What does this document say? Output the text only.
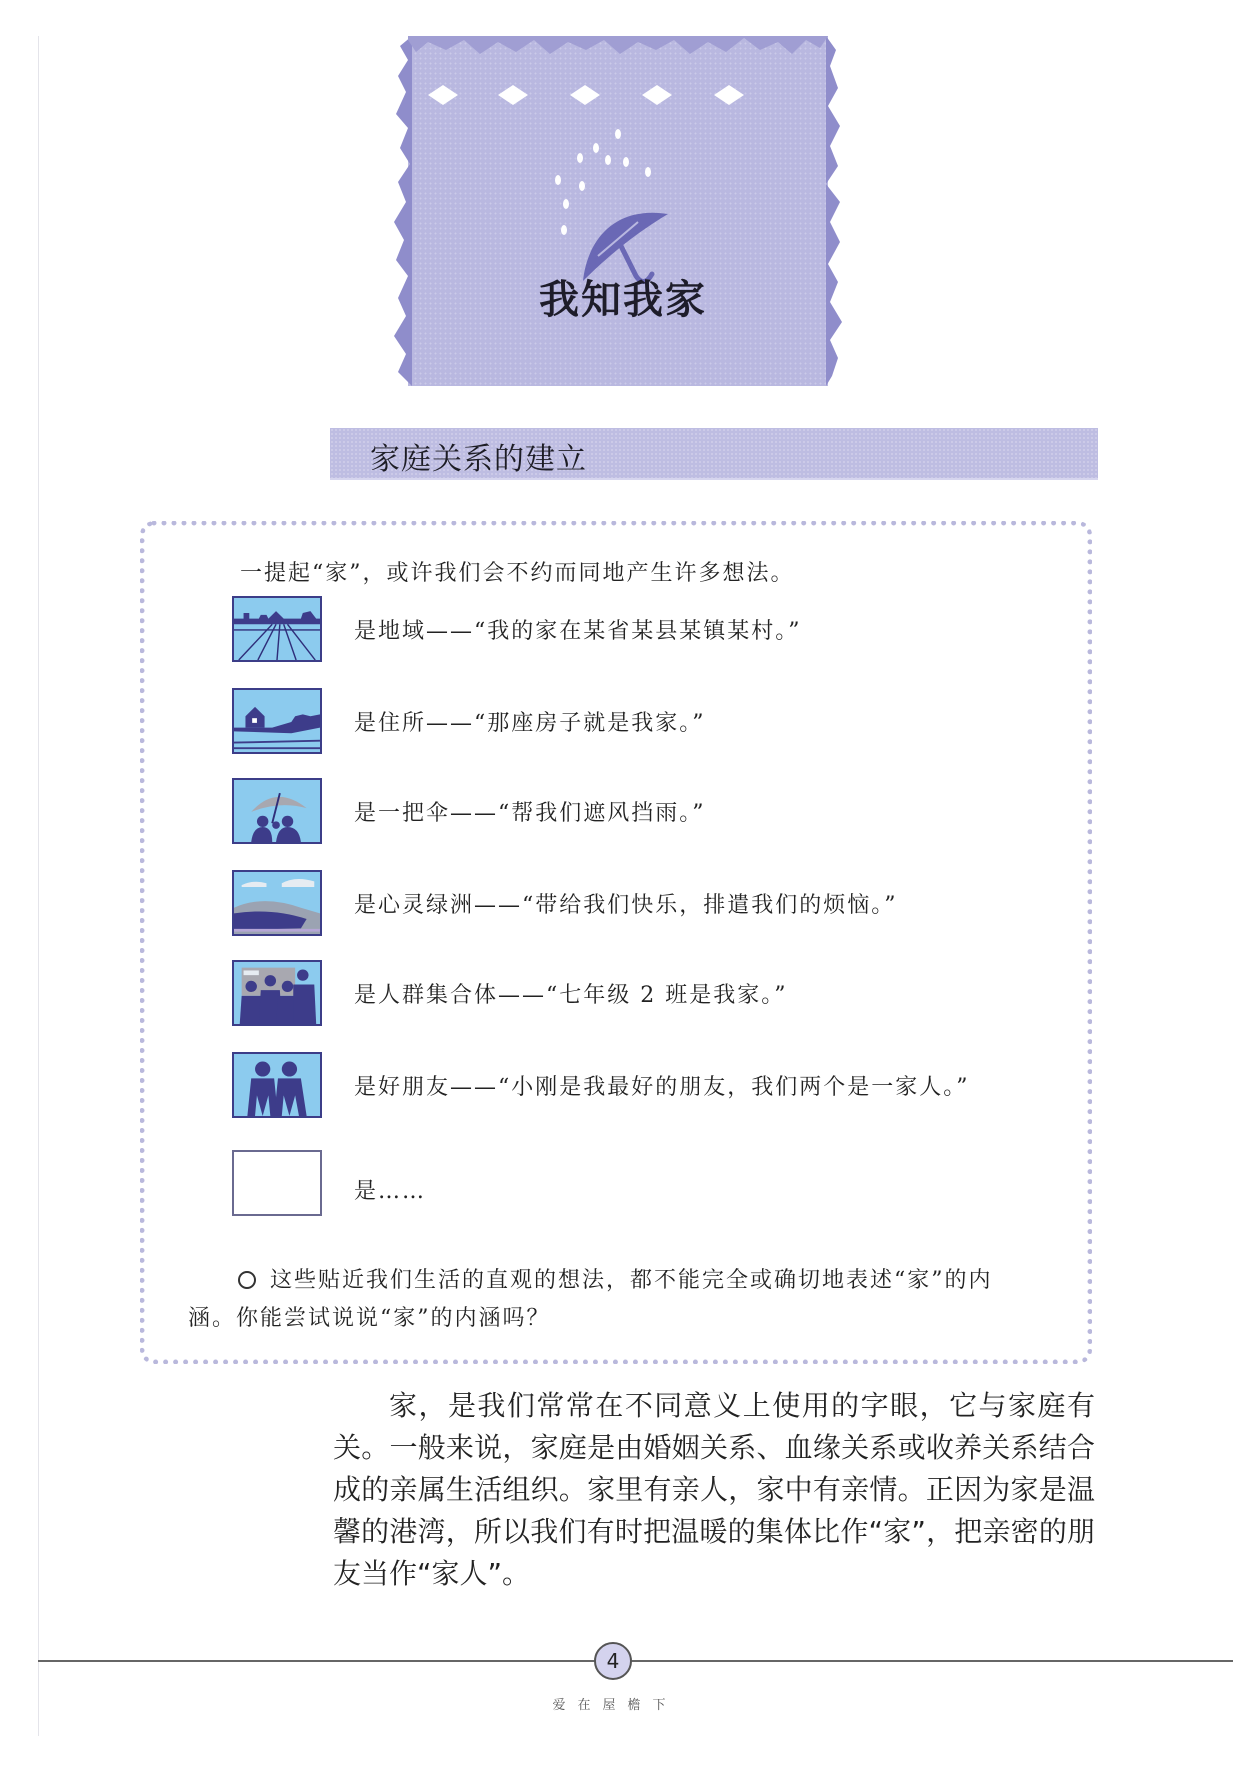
我知我家
家庭关系的建立
一提起“家”，或许我们会不约而同地产生许多想法。
是地域——“我的家在某省某县某镇某村。”
是住所——“那座房子就是我家。”
是一把伞——“帮我们遮风挡雨。”
是心灵绿洲——“带给我们快乐，排遣我们的烦恼。”
是人群集合体——“七年级 2 班是我家。”
是好朋友——“小刚是我最好的朋友，我们两个是一家人。”
是……
这些贴近我们生活的直观的想法，都不能完全或确切地表述“家”的内
涵。你能尝试说说“家”的内涵吗？

家，是我们常常在不同意义上使用的字眼，它与家庭有关。一般来说，家庭是由婚姻关系、血缘关系或收养关系结合成的亲属生活组织。家里有亲人，家中有亲情。正因为家是温馨的港湾，所以我们有时把温暖的集体比作“家”，把亲密的朋友当作“家人”。

4
爱在屋檐下
